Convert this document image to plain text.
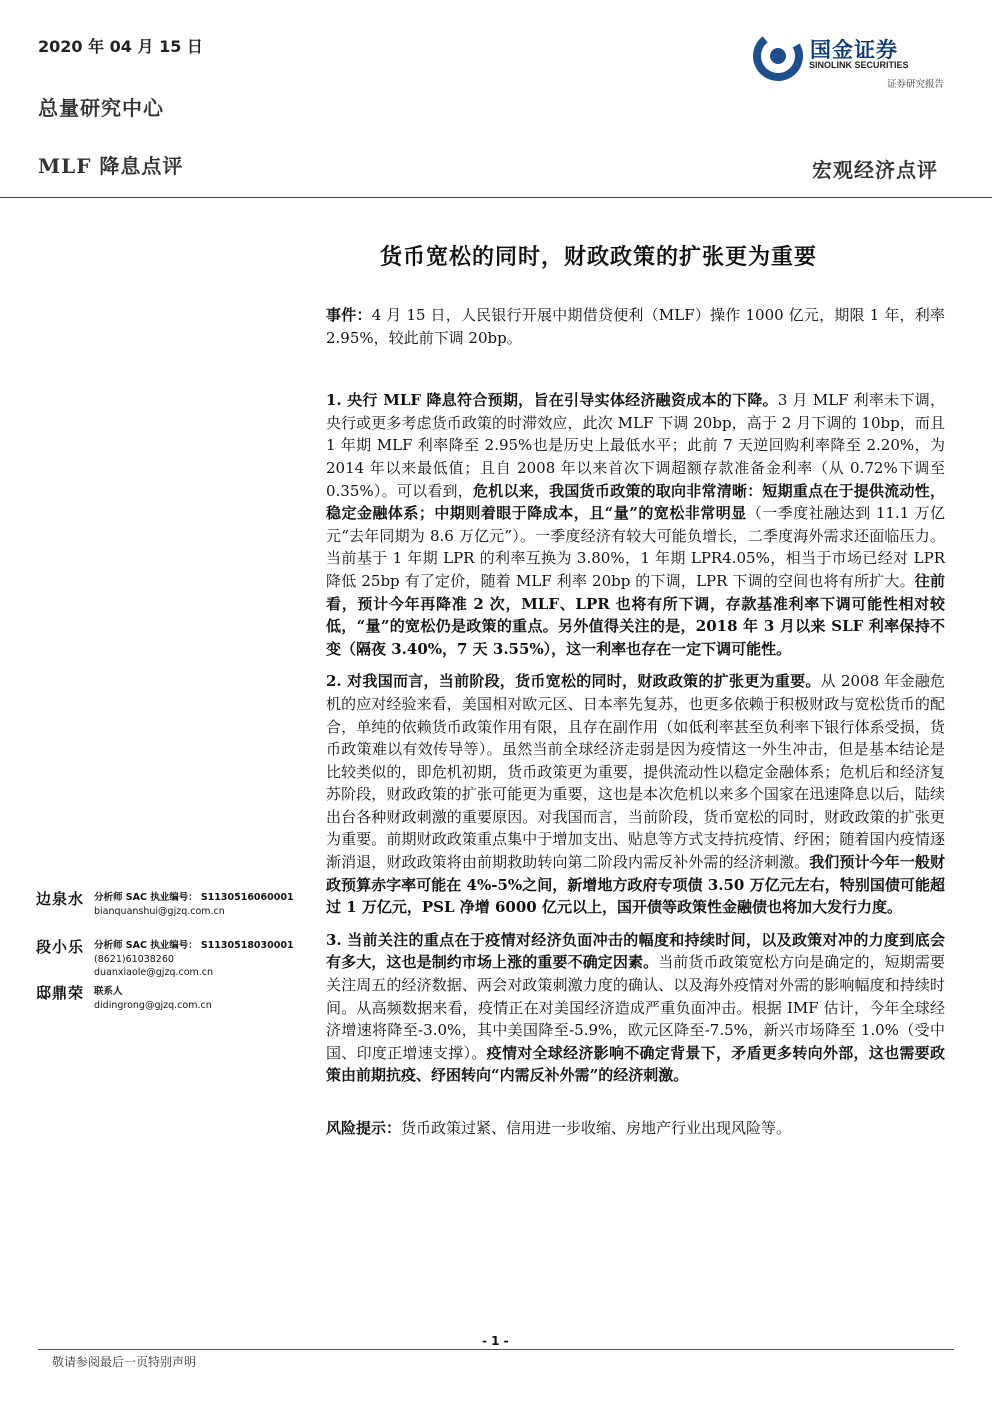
2020 年 04 月 15 日
总量研究中心
MLF 降息点评	宏观经济点评
国金证券
SINOLINK SECURITIES
证券研究报告
货币宽松的同时，财政政策的扩张更为重要

事件：4 月 15 日，人民银行开展中期借贷便利（MLF）操作 1000 亿元，期限 1 年，利率 2.95%，较此前下调 20bp。

1. 央行 MLF 降息符合预期，旨在引导实体经济融资成本的下降。3 月 MLF 利率未下调，央行或更多考虑货币政策的时滞效应，此次 MLF 下调 20bp，高于 2 月下调的 10bp，而且 1 年期 MLF 利率降至 2.95%也是历史上最低水平；此前 7 天逆回购利率降至 2.20%，为 2014 年以来最低值；且自 2008 年以来首次下调超额存款准备金利率（从 0.72%下调至 0.35%）。可以看到，危机以来，我国货币政策的取向非常清晰：短期重点在于提供流动性，稳定金融体系；中期则着眼于降成本，且“量”的宽松非常明显（一季度社融达到 11.1 万亿元“去年同期为 8.6 万亿元”）。一季度经济有较大可能负增长，二季度海外需求还面临压力。当前基于 1 年期 LPR 的利率互换为 3.80%，1 年期 LPR4.05%，相当于市场已经对 LPR 降低 25bp 有了定价，随着 MLF 利率 20bp 的下调，LPR 下调的空间也将有所扩大。往前看，预计今年再降准 2 次，MLF、LPR 也将有所下调，存款基准利率下调可能性相对较低，“量”的宽松仍是政策的重点。另外值得关注的是，2018 年 3 月以来 SLF 利率保持不变（隔夜 3.40%，7 天 3.55%），这一利率也存在一定下调可能性。

2. 对我国而言，当前阶段，货币宽松的同时，财政政策的扩张更为重要。从 2008 年金融危机的应对经验来看，美国相对欧元区、日本率先复苏，也更多依赖于积极财政与宽松货币的配合，单纯的依赖货币政策作用有限，且存在副作用（如低利率甚至负利率下银行体系受损，货币政策难以有效传导等）。虽然当前全球经济走弱是因为疫情这一外生冲击，但是基本结论是比较类似的，即危机初期，货币政策更为重要，提供流动性以稳定金融体系；危机后和经济复苏阶段，财政政策的扩张可能更为重要，这也是本次危机以来多个国家在迅速降息以后，陆续出台各种财政刺激的重要原因。对我国而言，当前阶段，货币宽松的同时，财政政策的扩张更为重要。前期财政政策重点集中于增加支出、贴息等方式支持抗疫情、纾困；随着国内疫情逐渐消退，财政政策将由前期救助转向第二阶段内需反补外需的经济刺激。我们预计今年一般财政预算赤字率可能在 4%-5%之间，新增地方政府专项债 3.50 万亿元左右，特别国债可能超过 1 万亿元，PSL 净增 6000 亿元以上，国开债等政策性金融债也将加大发行力度。

3. 当前关注的重点在于疫情对经济负面冲击的幅度和持续时间，以及政策对冲的力度到底会有多大，这也是制约市场上涨的重要不确定因素。当前货币政策宽松方向是确定的，短期需要关注周五的经济数据、两会对政策刺激力度的确认、以及海外疫情对外需的影响幅度和持续时间。从高频数据来看，疫情正在对美国经济造成严重负面冲击。根据 IMF 估计，今年全球经济增速将降至-3.0%，其中美国降至-5.9%，欧元区降至-7.5%，新兴市场降至 1.0%（受中国、印度正增速支撑）。疫情对全球经济影响不确定背景下，矛盾更多转向外部，这也需要政策由前期抗疫、纾困转向“内需反补外需”的经济刺激。

风险提示：货币政策过紧、信用进一步收缩、房地产行业出现风险等。

边泉水 分析师 SAC 执业编号： S1130516060001
bianquanshui@gjzq.com.cn
段小乐 分析师 SAC 执业编号： S1130518030001
(8621)61038260
duanxiaole@gjzq.com.cn
邸鼎荣 联系人
didingrong@gjzq.com.cn
- 1 -
敬请参阅最后一页特别声明
